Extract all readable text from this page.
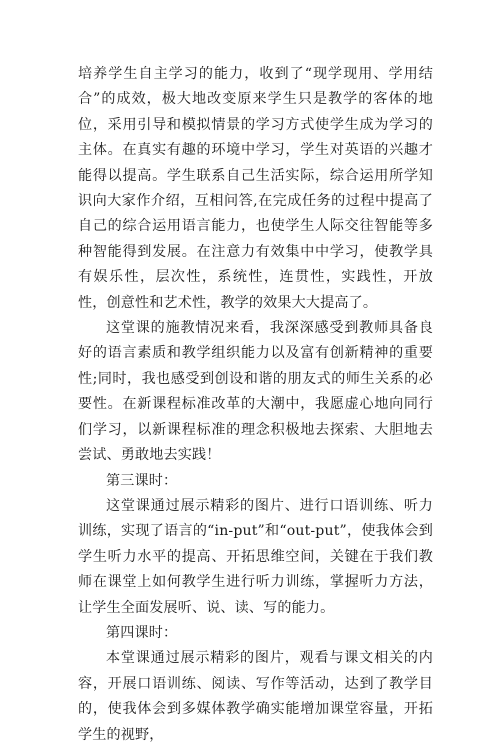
培养学生自主学习的能力，收到了“现学现用、学用结合”的成效，极大地改变原来学生只是教学的客体的地位，采用引导和模拟情景的学习方式使学生成为学习的主体。在真实有趣的环境中学习，学生对英语的兴趣才能得以提高。学生联系自己生活实际，综合运用所学知识向大家作介绍，互相问答,在完成任务的过程中提高了自己的综合运用语言能力，也使学生人际交往智能等多种智能得到发展。在注意力有效集中中学习，使教学具有娱乐性，层次性，系统性，连贯性，实践性，开放性，创意性和艺术性，教学的效果大大提高了。

这堂课的施教情况来看，我深深感受到教师具备良好的语言素质和教学组织能力以及富有创新精神的重要性;同时，我也感受到创设和谐的朋友式的师生关系的必要性。在新课程标准改革的大潮中，我愿虚心地向同行们学习，以新课程标准的理念积极地去探索、大胆地去尝试、勇敢地去实践！

第三课时：

这堂课通过展示精彩的图片、进行口语训练、听力训练，实现了语言的“in-put”和“out-put”，使我体会到学生听力水平的提高、开拓思维空间，关键在于我们教师在课堂上如何教学生进行听力训练，掌握听力方法，让学生全面发展听、说、读、写的能力。

第四课时：

本堂课通过展示精彩的图片，观看与课文相关的内容，开展口语训练、阅读、写作等活动，达到了教学目的，使我体会到多媒体教学确实能增加课堂容量，开拓学生的视野，
